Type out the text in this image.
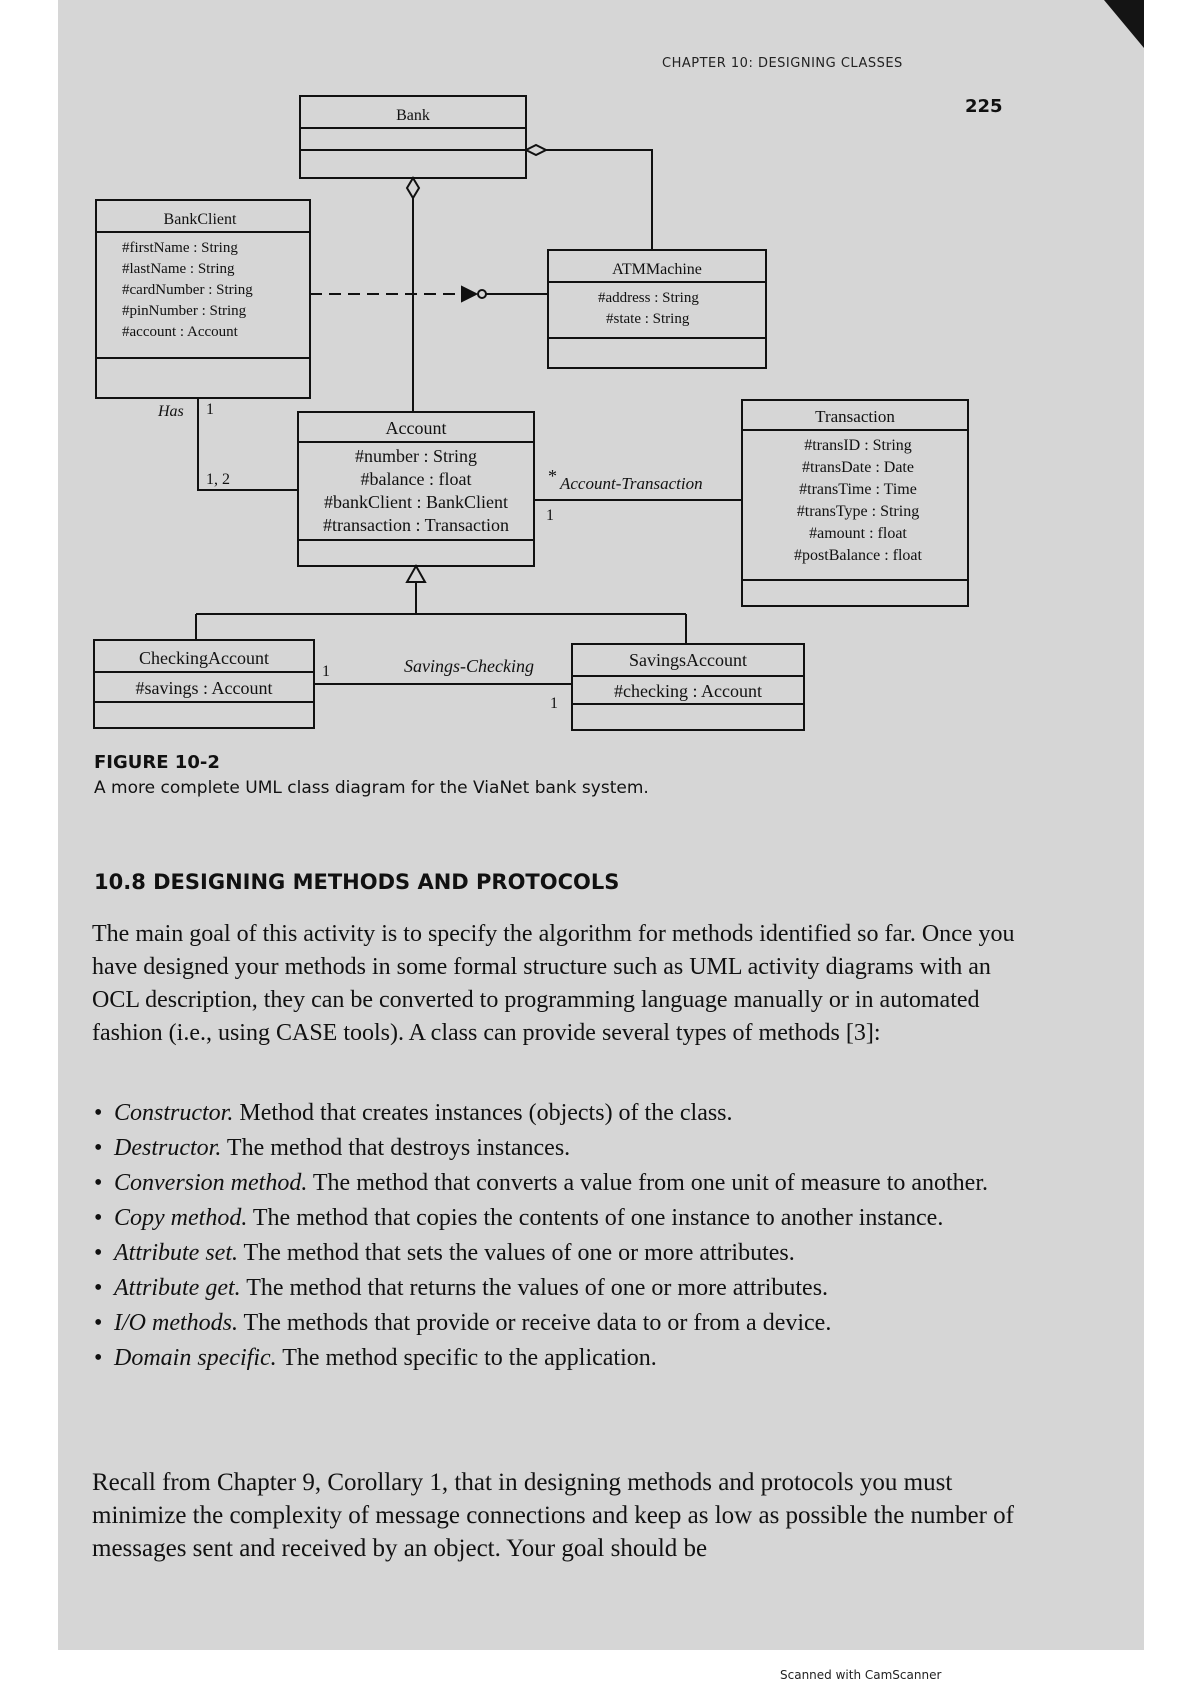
CHAPTER 10: DESIGNING CLASSES
225
Bank
BankClient
#firstName : String
#lastName : String
#cardNumber : String
#pinNumber : String
#account : Account
ATMMachine
#address : String
#state : String
Account
#number : String
#balance : float
#bankClient : BankClient
#transaction : Transaction
Transaction
#transID : String
#transDate : Date
#transTime : Time
#transType : String
#amount : float
#postBalance : float
CheckingAccount
#savings : Account
SavingsAccount
#checking : Account
Has 1
1, 2	* Account-Transaction
1
1	Savings-Checking
1
FIGURE 10-2
A more complete UML class diagram for the ViaNet bank system.
10.8 DESIGNING METHODS AND PROTOCOLS

The main goal of this activity is to specify the algorithm for methods identified so far. Once you have designed your methods in some formal structure such as UML activity diagrams with an OCL description, they can be converted to programming language manually or in automated fashion (i.e., using CASE tools). A class can provide several types of methods [3]:

• Constructor. Method that creates instances (objects) of the class.
• Destructor. The method that destroys instances.
• Conversion method. The method that converts a value from one unit of measure to another.
• Copy method. The method that copies the contents of one instance to another instance.
• Attribute set. The method that sets the values of one or more attributes.
• Attribute get. The method that returns the values of one or more attributes.
• I/O methods. The methods that provide or receive data to or from a device.
• Domain specific. The method specific to the application.

Recall from Chapter 9, Corollary 1, that in designing methods and protocols you must minimize the complexity of message connections and keep as low as possible the number of messages sent and received by an object. Your goal should be

Scanned with CamScanner
